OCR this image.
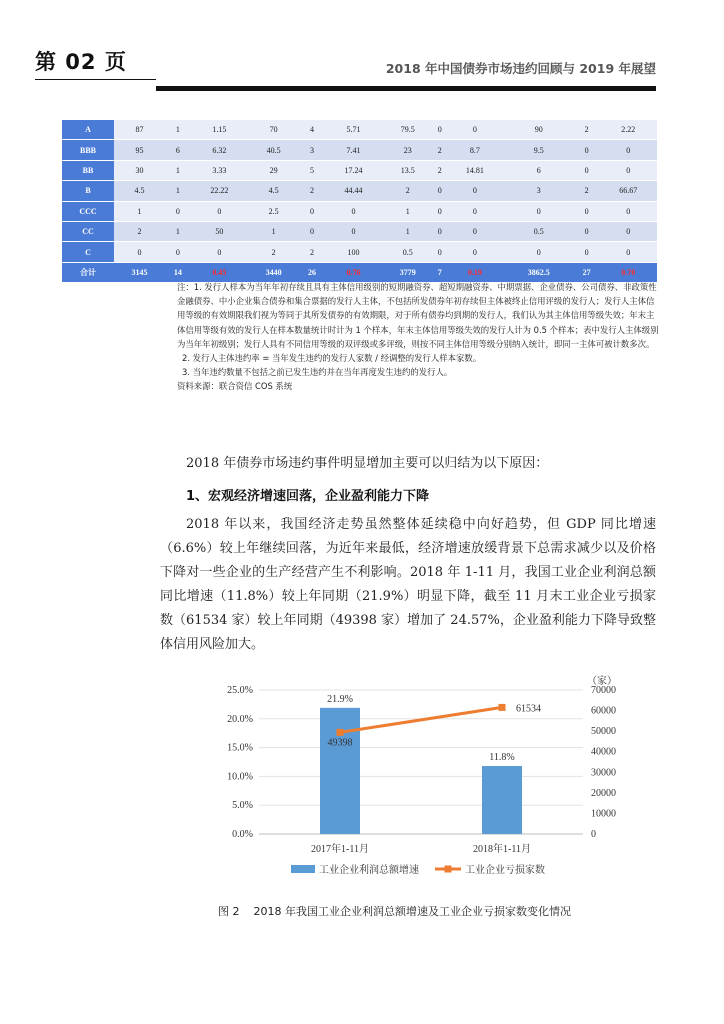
第 02 页	2018 年中国债券市场违约回顾与 2019 年展望
A	87	1	1.15	70	4	5.71	79.5	0	0	90	2	2.22
BBB	95	6	6.32	40.5	3	7.41	23	2	8.7	9.5	0	0
BB	30	1	3.33	29	5	17.24	13.5	2	14.81	6	0	0
B	4.5	1	22.22	4.5	2	44.44	2	0	0	3	2	66.67
CCC	1	0	0	2.5	0	0	1	0	0	0	0	0
CC	2	1	50	1	0	0	1	0	0	0.5	0	0
C	0	0	0	2	2	100	0.5	0	0	0	0	0
合计	3145	14	0.45	3440	26	0.76	3779	7	0.19	3862.5	27	0.70

注：1. 发行人样本为当年年初存续且具有主体信用级别的短期融资券、超短期融资券、中期票据、企业债券、公司债券、非政策性金融债券、中小企业集合债券和集合票据的发行人主体，不包括所发债券年初存续但主体被终止信用评级的发行人；发行人主体信用等级的有效期限我们视为等同于其所发债券的有效期限，对于所有债券均到期的发行人，我们认为其主体信用等级失效；年末主体信用等级有效的发行人在样本数量统计时计为 1 个样本，年末主体信用等级失效的发行人计为 0.5 个样本；表中发行人主体级别为当年年初级别；发行人具有不同信用等级的双评级或多评级，则按不同主体信用等级分别纳入统计，即同一主体可被计数多次。

2. 发行人主体违约率 = 当年发生违约的发行人家数 / 经调整的发行人样本家数。

3. 当年违约数量不包括之前已发生违约并在当年再度发生违约的发行人。

资料来源：联合资信 COS 系统

2018 年债券市场违约事件明显增加主要可以归结为以下原因：
1、宏观经济增速回落，企业盈利能力下降
2018 年以来，我国经济走势虽然整体延续稳中向好趋势，但 GDP 同比增速（6.6%）较上年继续回落，为近年来最低，经济增速放缓背景下总需求减少以及价格下降对一些企业的生产经营产生不利影响。2018 年 1-11 月，我国工业企业利润总额同比增速（11.8%）较上年同期（21.9%）明显下降，截至 11 月末工业企业亏损家数（61534 家）较上年同期（49398 家）增加了 24.57%，企业盈利能力下降导致整体信用风险加大。
0.0%
5.0%
10.0%
15.0%
20.0%
25.0%
0
10000
20000
30000
40000
50000
60000
70000
（家）
21.9%
2017年1-11月
11.8%
2018年1-11月
49398
61534
工业企业利润总额增速	工业企业亏损家数
图 2 2018 年我国工业企业利润总额增速及工业企业亏损家数变化情况
